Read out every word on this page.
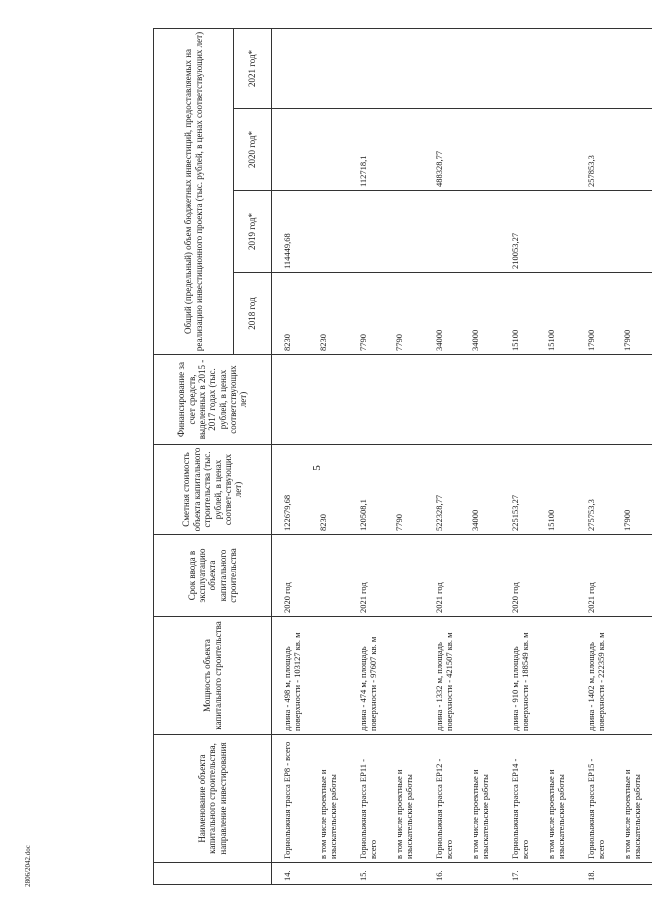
5
2806/2042.doc
	Наименование объекта капитального строительства, направление инвестирования	Мощность объекта капитального строительства	Срок ввода в эксплуатацию объекта капитального строительства	Сметная стоимость объекта капитального строительства (тыс. рублей, в ценах соответ-ствующих лет)	Финансирование за счет средств, выделенных в 2015 - 2017 годах (тыс. рублей, в ценах соответствующих лет)	Общий (предельный) объем бюджетных инвестиций, предоставляемых на реализацию инвестиционного проекта (тыс. рублей, в ценах соответствующих лет)			
						2018 год	2019 год*	2020 год*	2021 год*
14.	Горнолыжная трасса ЕР8 - всего	длина - 498 м, площадь поверхности - 103127 кв. м	2020 год	122679,68		8230	114449,68		
	в том числе проектные и изыскательские работы			8230		8230			
15.	Горнолыжная трасса ЕР11 - всего	длина - 474 м, площадь поверхности - 97607 кв. м	2021 год	120508,1		7790		112718,1	
	в том числе проектные и изыскательские работы			7790		7790			
16.	Горнолыжная трасса ЕР12 - всего	длина - 1332 м, площадь поверхности - 421507 кв. м	2021 год	522328,77		34000		488328,77	
	в том числе проектные и изыскательские работы			34000		34000			
17.	Горнолыжная трасса ЕР14 - всего	длина - 910 м, площадь поверхности - 188549 кв. м	2020 год	225153,27		15100	210053,27		
	в том числе проектные и изыскательские работы			15100		15100			
18.	Горнолыжная трасса ЕР15 - всего	длина - 1402 м, площадь поверхности - 222359 кв. м	2021 год	275753,3		17900		257853,3	
	в том числе проектные и изыскательские работы			17900		17900			
